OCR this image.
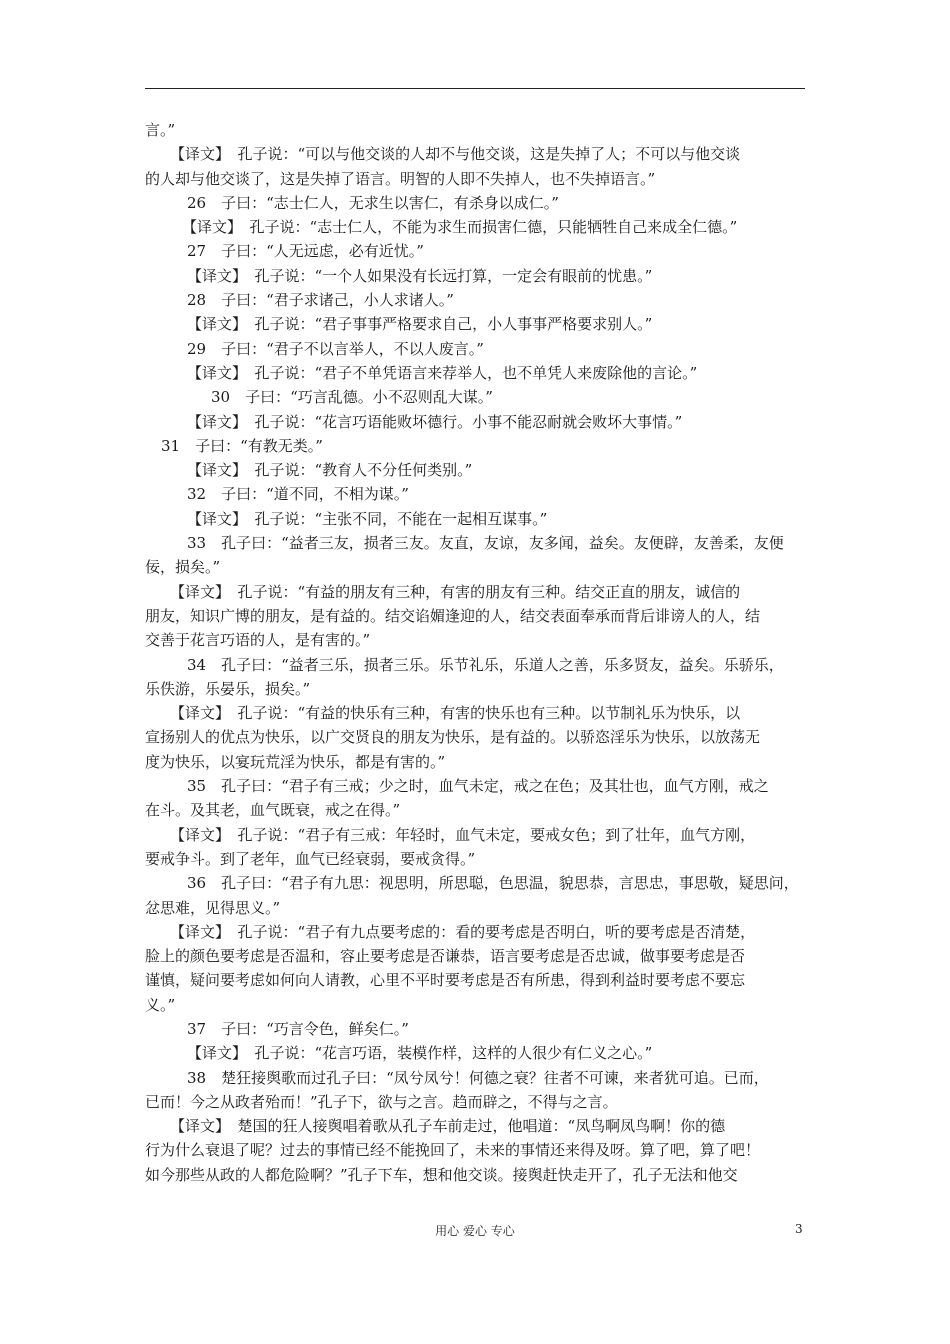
言。”
【译文】　孔子说：“可以与他交谈的人却不与他交谈，这是失掉了人；不可以与他交谈
的人却与他交谈了，这是失掉了语言。明智的人即不失掉人，也不失掉语言。”
26　子曰：“志士仁人，无求生以害仁，有杀身以成仁。”
【译文】　孔子说：“志士仁人，不能为求生而损害仁德，只能牺牲自己来成全仁德。”
27　子曰：“人无远虑，必有近忧。”
【译文】　孔子说：“一个人如果没有长远打算，一定会有眼前的忧患。”
28　子曰：“君子求诸己，小人求诸人。”
【译文】　孔子说：“君子事事严格要求自己，小人事事严格要求别人。”
29　子曰：“君子不以言举人，不以人废言。”
【译文】　孔子说：“君子不单凭语言来荐举人，也不单凭人来废除他的言论。”
30　子曰：“巧言乱德。小不忍则乱大谋。”
【译文】　孔子说：“花言巧语能败坏德行。小事不能忍耐就会败坏大事情。”
31　子曰：“有教无类。”
【译文】　孔子说：“教育人不分任何类别。”
32　子曰：“道不同，不相为谋。”
【译文】　孔子说：“主张不同，不能在一起相互谋事。”
33　孔子曰：“益者三友，损者三友。友直，友谅，友多闻，益矣。友便辟，友善柔，友便
佞，损矣。”
【译文】　孔子说：“有益的朋友有三种，有害的朋友有三种。结交正直的朋友，诚信的
朋友，知识广博的朋友，是有益的。结交谄媚逢迎的人，结交表面奉承而背后诽谤人的人，结
交善于花言巧语的人，是有害的。”
34　孔子曰：“益者三乐，损者三乐。乐节礼乐，乐道人之善，乐多贤友，益矣。乐骄乐，
乐佚游，乐晏乐，损矣。”
【译文】　孔子说：“有益的快乐有三种，有害的快乐也有三种。以节制礼乐为快乐，以
宣扬别人的优点为快乐，以广交贤良的朋友为快乐，是有益的。以骄恣淫乐为快乐，以放荡无
度为快乐，以宴玩荒淫为快乐，都是有害的。”
35　孔子曰：“君子有三戒；少之时，血气未定，戒之在色；及其壮也，血气方刚，戒之
在斗。及其老，血气既衰，戒之在得。”
【译文】　孔子说：“君子有三戒：年轻时，血气未定，要戒女色；到了壮年，血气方刚，
要戒争斗。到了老年，血气已经衰弱，要戒贪得。”
36　孔子曰：“君子有九思：视思明，所思聪，色思温，貌思恭，言思忠，事思敬，疑思问，
忿思难，见得思义。”
【译文】　孔子说：“君子有九点要考虑的：看的要考虑是否明白，听的要考虑是否清楚，
脸上的颜色要考虑是否温和，容止要考虑是否谦恭，语言要考虑是否忠诚，做事要考虑是否
谨慎，疑问要考虑如何向人请教，心里不平时要考虑是否有所患，得到利益时要考虑不要忘
义。”
37　子曰：“巧言令色，鲜矣仁。”
【译文】　孔子说：“花言巧语，装模作样，这样的人很少有仁义之心。”
38　楚狂接舆歌而过孔子曰：“凤兮凤兮！何德之衰？往者不可谏，来者犹可追。已而，
已而！今之从政者殆而！”孔子下，欲与之言。趋而辟之，不得与之言。
【译文】　楚国的狂人接舆唱着歌从孔子车前走过，他唱道：“凤鸟啊凤鸟啊！你的德
行为什么衰退了呢？过去的事情已经不能挽回了，未来的事情还来得及呀。算了吧，算了吧！
如今那些从政的人都危险啊？”孔子下车，想和他交谈。接舆赶快走开了，孔子无法和他交
用心 爱心 专心	3
